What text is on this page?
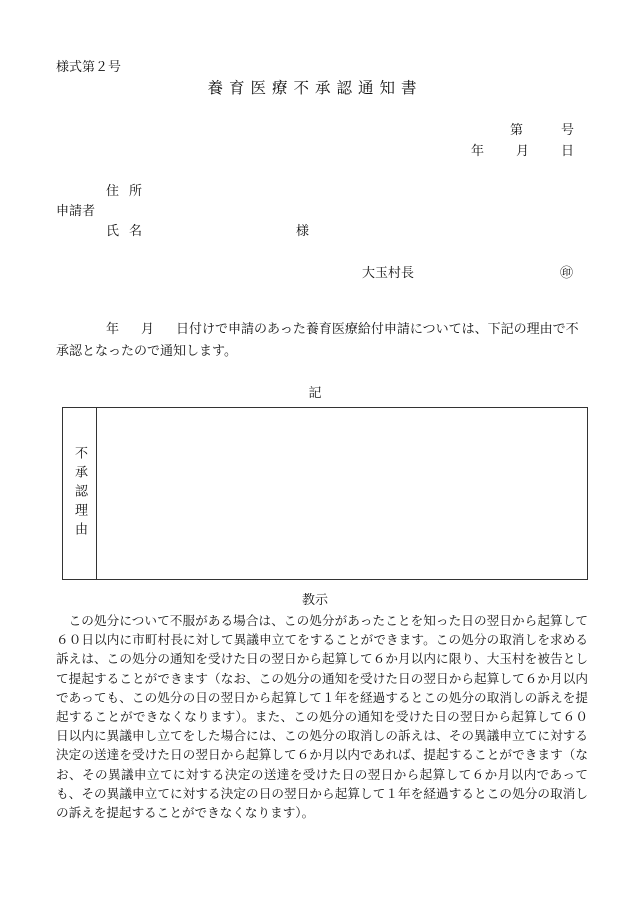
様式第２号
養育医療不承認通知書
第	号
年 月 日
住所
申請者
氏名	様
大玉村長	㊞
年 月 日付けで申請のあった養育医療給付申請については、下記の理由で不承認となったので通知します。
記
不承認理由
教示
この処分について不服がある場合は、この処分があったことを知った日の翌日から起算して６０日以内に市町村長に対して異議申立てをすることができます。この処分の取消しを求める訴えは、この処分の通知を受けた日の翌日から起算して６か月以内に限り、大玉村を被告として提起することができます（なお、この処分の通知を受けた日の翌日から起算して６か月以内であっても、この処分の日の翌日から起算して１年を経過するとこの処分の取消しの訴えを提起することができなくなります）。また、この処分の通知を受けた日の翌日から起算して６０日以内に異議申し立てをした場合には、この処分の取消しの訴えは、その異議申立てに対する決定の送達を受けた日の翌日から起算して６か月以内であれば、提起することができます（なお、その異議申立てに対する決定の送達を受けた日の翌日から起算して６か月以内であっても、その異議申立てに対する決定の日の翌日から起算して１年を経過するとこの処分の取消しの訴えを提起することができなくなります）。
